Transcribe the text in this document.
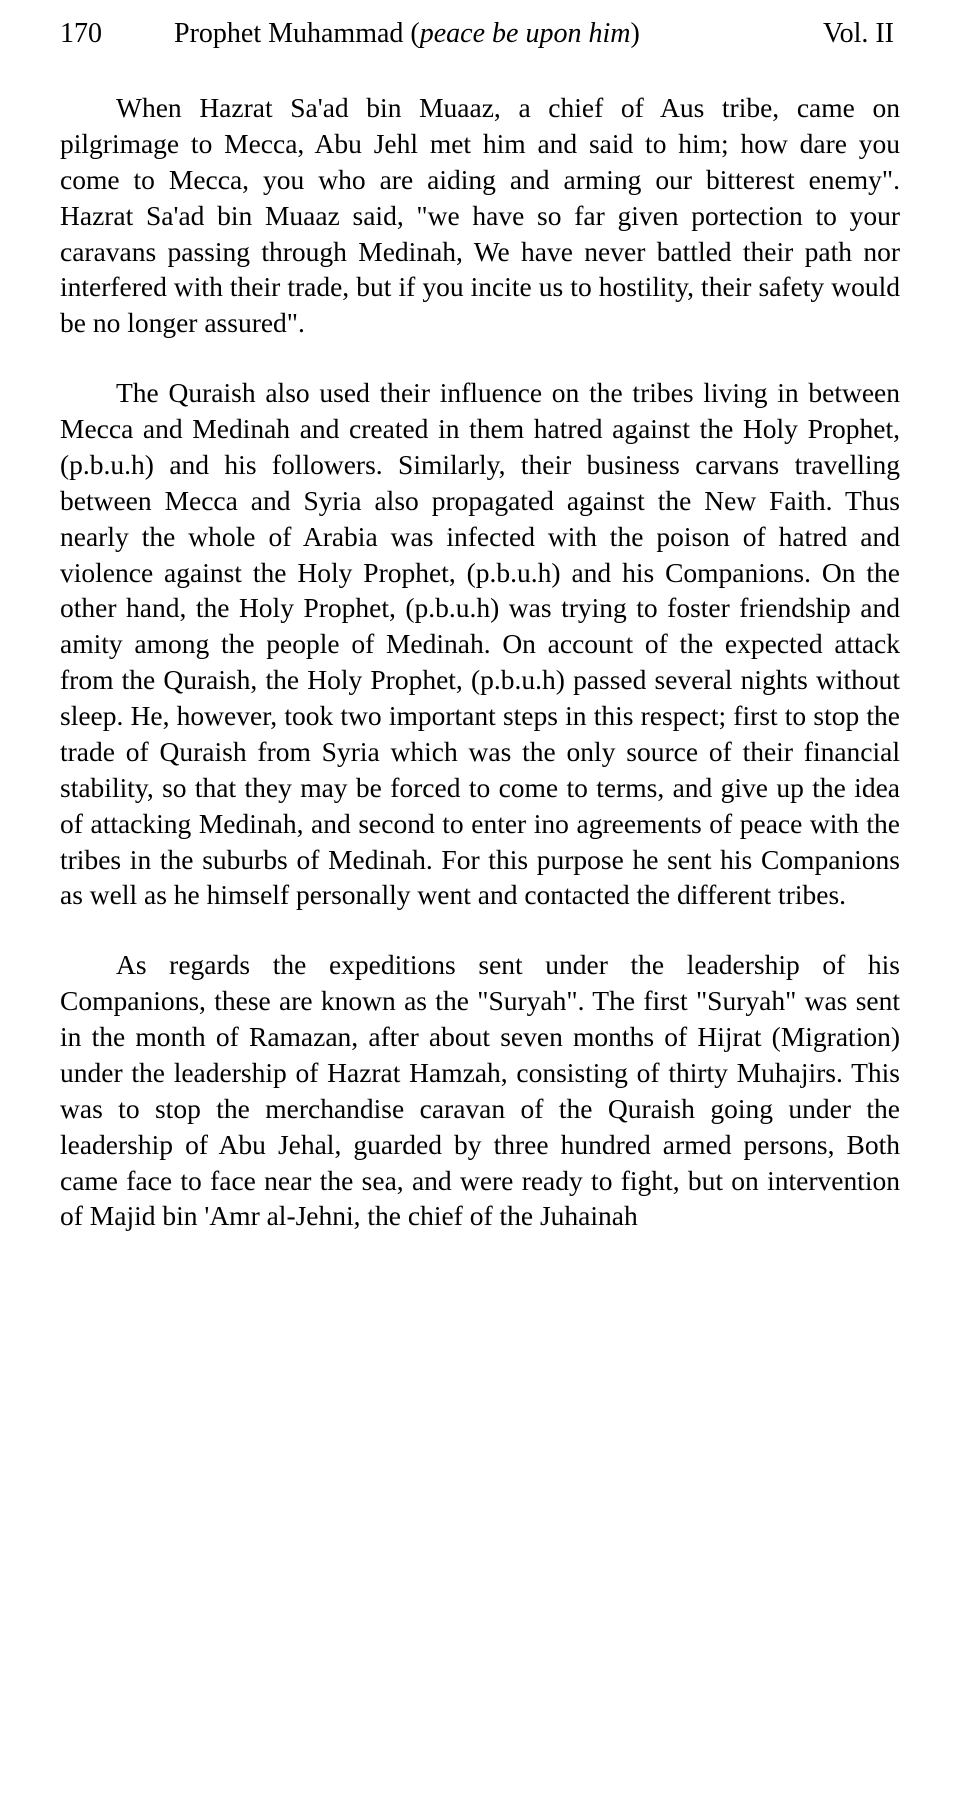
170	Prophet Muhammad (peace be upon him)	Vol. II

When Hazrat Sa'ad bin Muaaz, a chief of Aus tribe, came on pilgrimage to Mecca, Abu Jehl met him and said to him; how dare you come to Mecca, you who are aiding and arming our bitterest enemy". Hazrat Sa'ad bin Muaaz said, "we have so far given portection to your caravans passing through Medinah, We have never battled their path nor interfered with their trade, but if you incite us to hostility, their safety would be no longer assured".

The Quraish also used their influence on the tribes living in between Mecca and Medinah and created in them hatred against the Holy Prophet, (p.b.u.h) and his followers. Similarly, their business carvans travelling between Mecca and Syria also propagated against the New Faith. Thus nearly the whole of Arabia was infected with the poison of hatred and violence against the Holy Prophet, (p.b.u.h) and his Companions. On the other hand, the Holy Prophet, (p.b.u.h) was trying to foster friendship and amity among the people of Medinah. On account of the expected attack from the Quraish, the Holy Prophet, (p.b.u.h) passed several nights without sleep. He, however, took two important steps in this respect; first to stop the trade of Quraish from Syria which was the only source of their financial stability, so that they may be forced to come to terms, and give up the idea of attacking Medinah, and second to enter ino agreements of peace with the tribes in the suburbs of Medinah. For this purpose he sent his Companions as well as he himself personally went and contacted the different tribes.

As regards the expeditions sent under the leadership of his Companions, these are known as the "Suryah". The first "Suryah" was sent in the month of Ramazan, after about seven months of Hijrat (Migration) under the leadership of Hazrat Hamzah, consisting of thirty Muhajirs. This was to stop the merchandise caravan of the Quraish going under the leadership of Abu Jehal, guarded by three hundred armed persons, Both came face to face near the sea, and were ready to fight, but on intervention of Majid bin 'Amr al-Jehni, the chief of the Juhainah
